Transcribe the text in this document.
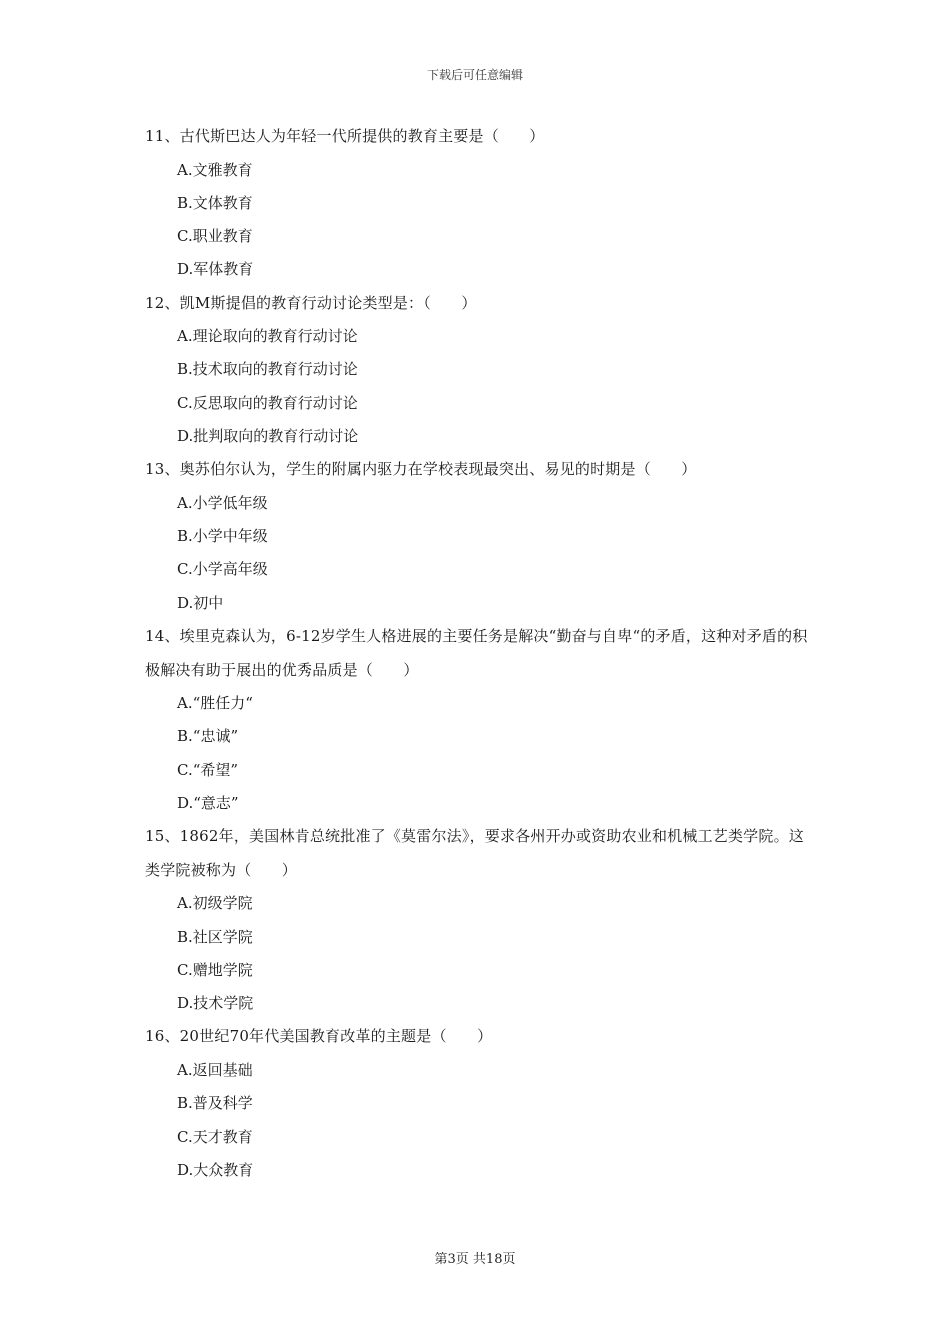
下载后可任意编辑

11、古代斯巴达人为年轻一代所提供的教育主要是（　　）

A.文雅教育

B.文体教育

C.职业教育

D.军体教育

12、凯M斯提倡的教育行动讨论类型是：（　　）

A.理论取向的教育行动讨论

B.技术取向的教育行动讨论

C.反思取向的教育行动讨论

D.批判取向的教育行动讨论

13、奥苏伯尔认为，学生的附属内驱力在学校表现最突出、易见的时期是（　　）

A.小学低年级

B.小学中年级

C.小学高年级

D.初中

14、埃里克森认为，6-12岁学生人格进展的主要任务是解决“勤奋与自卑“的矛盾，这种对矛盾的积极解决有助于展出的优秀品质是（　　）

A.“胜任力“

B.“忠诚”

C.“希望”

D.“意志”

15、1862年，美国林肯总统批准了《莫雷尔法》，要求各州开办或资助农业和机械工艺类学院。这类学院被称为（　　）

A.初级学院

B.社区学院

C.赠地学院

D.技术学院

16、20世纪70年代美国教育改革的主题是（　　）

A.返回基础

B.普及科学

C.天才教育

D.大众教育

第3页 共18页
